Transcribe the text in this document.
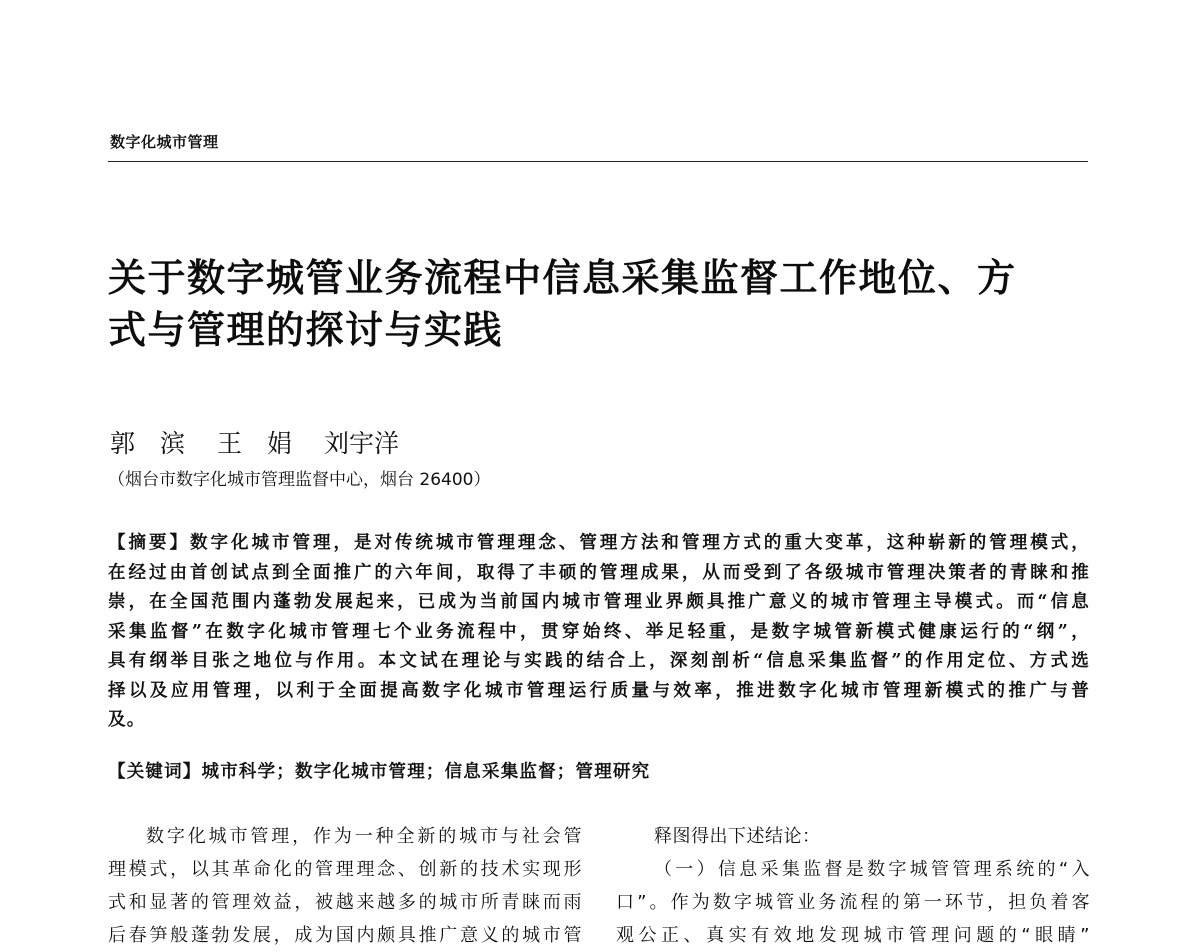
数字化城市管理
关于数字城管业务流程中信息采集监督工作地位、方
式与管理的探讨与实践
郭　滨 王　娟 刘宇洋
（烟台市数字化城市管理监督中心，烟台 26400）
【摘要】数字化城市管理，是对传统城市管理理念、管理方法和管理方式的重大变革，这种崭新的管理模式，
在经过由首创试点到全面推广的六年间，取得了丰硕的管理成果，从而受到了各级城市管理决策者的青睐和推
崇，在全国范围内蓬勃发展起来，已成为当前国内城市管理业界颇具推广意义的城市管理主导模式。而“信息
采集监督”在数字化城市管理七个业务流程中，贯穿始终、举足轻重，是数字城管新模式健康运行的“纲”，
具有纲举目张之地位与作用。本文试在理论与实践的结合上，深刻剖析“信息采集监督”的作用定位、方式选
择以及应用管理，以利于全面提高数字化城市管理运行质量与效率，推进数字化城市管理新模式的推广与普
及。
【关键词】城市科学；数字化城市管理；信息采集监督；管理研究
数字化城市管理，作为一种全新的城市与社会管
理模式，以其革命化的管理理念、创新的技术实现形
式和显著的管理效益，被越来越多的城市所青睐而雨
后春笋般蓬勃发展，成为国内颇具推广意义的城市管
释图得出下述结论：
（一）信息采集监督是数字城管管理系统的“入
口”。作为数字城管业务流程的第一环节，担负着客
观公正、真实有效地发现城市管理问题的“眼睛”
